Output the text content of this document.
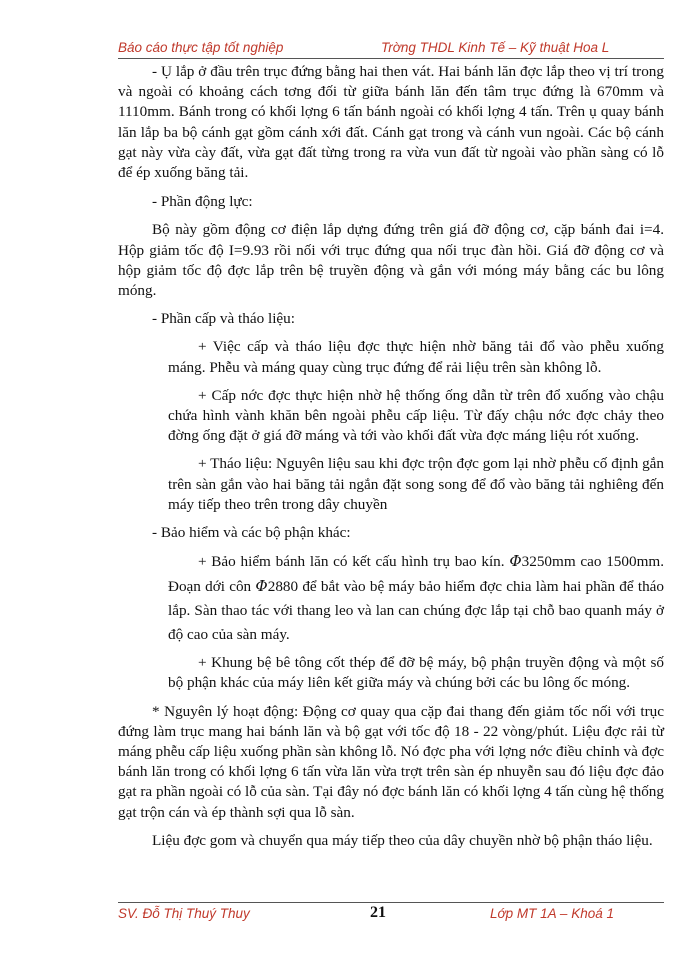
Báo cáo thực tập tốt nghiệp	Trờng THDL Kinh Tế – Kỹ thuật Hoa L

- Ụ lắp ở đầu trên trục đứng bằng hai then vát. Hai bánh lăn đợc lắp theo vị trí trong và ngoài có khoảng cách tơng đối từ giữa bánh lăn đến tâm trục đứng là 670mm và 1110mm. Bánh trong có khối lợng 6 tấn bánh ngoài có khối lợng 4 tấn. Trên ụ quay bánh lăn lắp ba bộ cánh gạt gồm cánh xới đất. Cánh gạt trong và cánh vun ngoài. Các bộ cánh gạt này vừa cày đất, vừa gạt đất từng trong ra vừa vun đất từ ngoài vào phần sàng có lỗ để ép xuống băng tải.

- Phần động lực:

Bộ này gồm động cơ điện lắp dựng đứng trên giá đỡ động cơ, cặp bánh đai i=4. Hộp giảm tốc độ I=9.93 rồi nối với trục đứng qua nối trục đàn hồi. Giá đỡ động cơ và hộp giảm tốc độ đợc lắp trên bệ truyền động và gắn với móng máy bằng các bu lông móng.

- Phần cấp và tháo liệu:

+ Việc cấp và tháo liệu đợc thực hiện nhờ băng tải đổ vào phễu xuống máng. Phễu và máng quay cùng trục đứng để rải liệu trên sàn không lỗ.

+ Cấp nớc đợc thực hiện nhờ hệ thống ống dẫn từ trên đổ xuống vào chậu chứa hình vành khăn bên ngoài phễu cấp liệu. Từ đấy chậu nớc đợc chảy theo đờng ống đặt ở giá đỡ máng và tới vào khối đất vừa đợc máng liệu rót xuống.

+ Tháo liệu: Nguyên liệu sau khi đợc trộn đợc gom lại nhờ phễu cố định gắn trên sàn gắn vào hai băng tải ngắn đặt song song để đổ vào băng tải nghiêng đến máy tiếp theo trên trong dây chuyền

- Bảo hiểm và các bộ phận khác:

+ Bảo hiểm bánh lăn có kết cấu hình trụ bao kín. Φ3250mm cao 1500mm. Đoạn dới côn Φ2880 để bắt vào bệ máy bảo hiểm đợc chia làm hai phần để tháo lắp. Sàn thao tác với thang leo và lan can chúng đợc lắp tại chỗ bao quanh máy ở độ cao của sàn máy.

+ Khung bệ bê tông cốt thép để đỡ bệ máy, bộ phận truyền động và một số bộ phận khác của máy liên kết giữa máy và chúng bởi các bu lông ốc móng.

* Nguyên lý hoạt động: Động cơ quay qua cặp đai thang đến giảm tốc nối với trục đứng làm trục mang hai bánh lăn và bộ gạt với tốc độ 18 - 22 vòng/phút. Liệu đợc rải từ máng phễu cấp liệu xuống phần sàn không lỗ. Nó đợc pha với lợng nớc điều chỉnh và đợc bánh lăn trong có khối lợng 6 tấn vừa lăn vừa trợt trên sàn ép nhuyễn sau đó liệu đợc đảo gạt ra phần ngoài có lỗ của sàn. Tại đây nó đợc bánh lăn có khối lợng 4 tấn cùng hệ thống gạt trộn cán và ép thành sợi qua lỗ sàn.

Liệu đợc gom và chuyển qua máy tiếp theo của dây chuyền nhờ bộ phận tháo liệu.

SV. Đỗ Thị Thuý Thuy	21	Lớp MT 1A – Khoá 1
